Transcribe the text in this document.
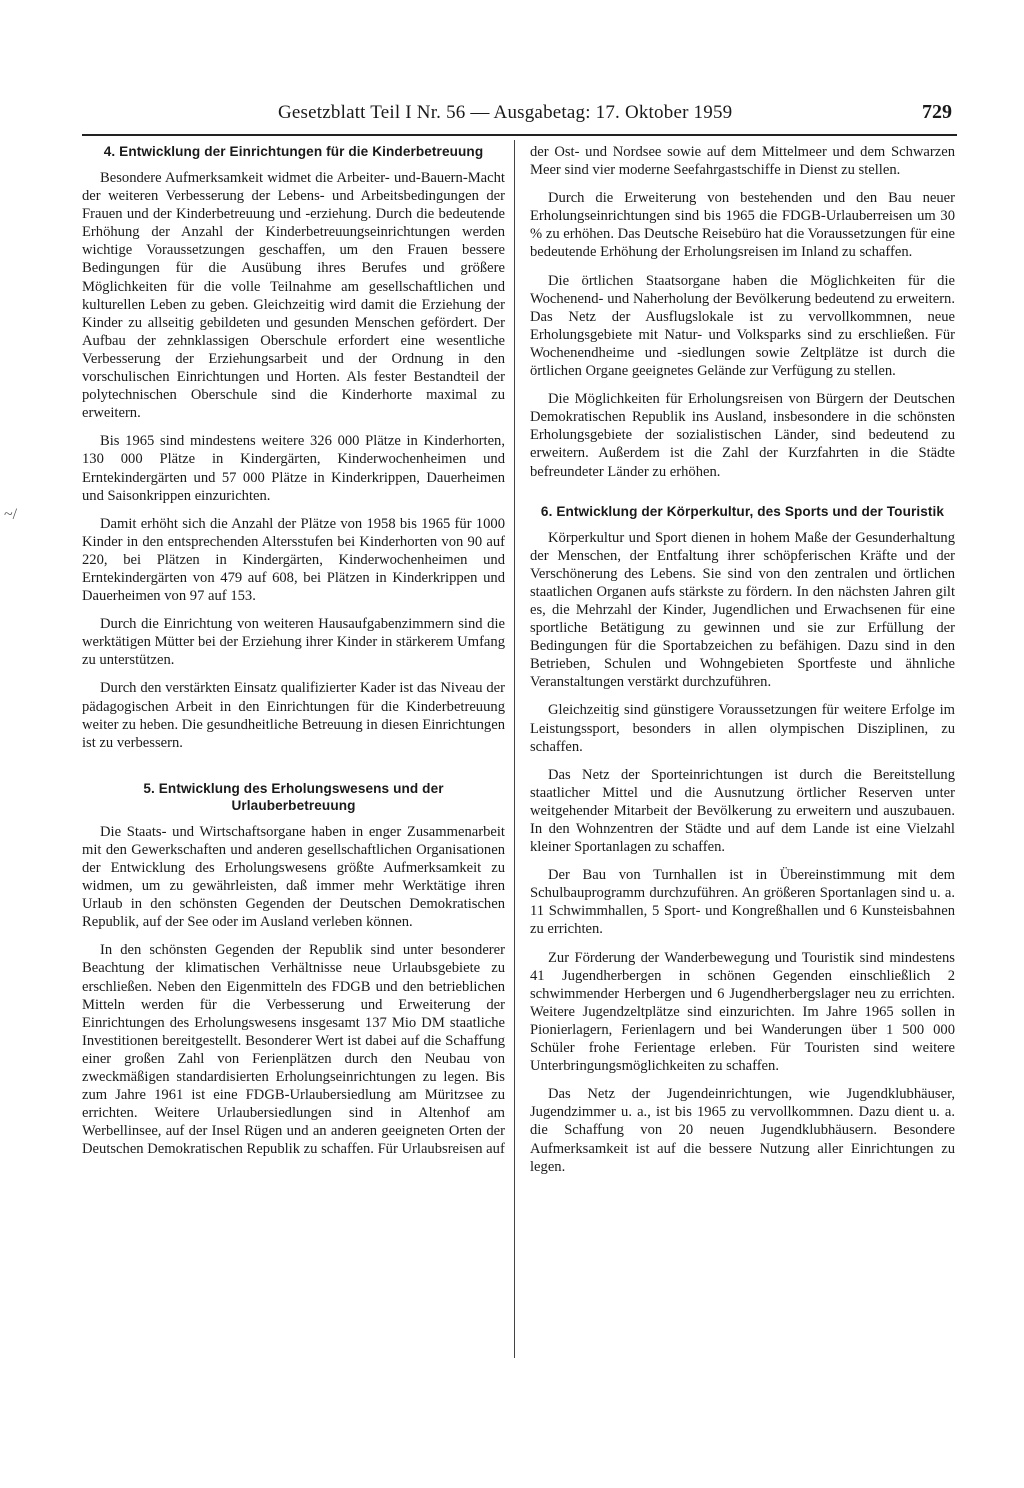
Gesetzblatt Teil I Nr. 56 — Ausgabetag: 17. Oktober 1959	729
~/
4. Entwicklung der Einrichtungen für die Kinderbetreuung

Besondere Aufmerksamkeit widmet die Arbeiter- und-Bauern-Macht der weiteren Verbesserung der Lebens- und Arbeitsbedingungen der Frauen und der Kinderbetreuung und -erziehung. Durch die bedeutende Erhöhung der Anzahl der Kinderbetreuungseinrichtungen werden wichtige Voraussetzungen geschaffen, um den Frauen bessere Bedingungen für die Ausübung ihres Berufes und größere Möglichkeiten für die volle Teilnahme am gesellschaftlichen und kulturellen Leben zu geben. Gleichzeitig wird damit die Erziehung der Kinder zu allseitig gebildeten und gesunden Menschen gefördert. Der Aufbau der zehnklassigen Oberschule erfordert eine wesentliche Verbesserung der Erziehungsarbeit und der Ordnung in den vorschulischen Einrichtungen und Horten. Als fester Bestandteil der polytechnischen Oberschule sind die Kinderhorte maximal zu erweitern.

Bis 1965 sind mindestens weitere 326 000 Plätze in Kinderhorten, 130 000 Plätze in Kindergärten, Kinderwochenheimen und Erntekindergärten und 57 000 Plätze in Kinderkrippen, Dauerheimen und Saisonkrippen einzurichten.

Damit erhöht sich die Anzahl der Plätze von 1958 bis 1965 für 1000 Kinder in den entsprechenden Altersstufen bei Kinderhorten von 90 auf 220, bei Plätzen in Kindergärten, Kinderwochenheimen und Erntekindergärten von 479 auf 608, bei Plätzen in Kinderkrippen und Dauerheimen von 97 auf 153.

Durch die Einrichtung von weiteren Hausaufgabenzimmern sind die werktätigen Mütter bei der Erziehung ihrer Kinder in stärkerem Umfang zu unterstützen.

Durch den verstärkten Einsatz qualifizierter Kader ist das Niveau der pädagogischen Arbeit in den Einrichtungen für die Kinderbetreuung weiter zu heben. Die gesundheitliche Betreuung in diesen Einrichtungen ist zu verbessern.

5. Entwicklung des Erholungswesens und der Urlauberbetreuung

Die Staats- und Wirtschaftsorgane haben in enger Zusammenarbeit mit den Gewerkschaften und anderen gesellschaftlichen Organisationen der Entwicklung des Erholungswesens größte Aufmerksamkeit zu widmen, um zu gewährleisten, daß immer mehr Werktätige ihren Urlaub in den schönsten Gegenden der Deutschen Demokratischen Republik, auf der See oder im Ausland verleben können.

In den schönsten Gegenden der Republik sind unter besonderer Beachtung der klimatischen Verhältnisse neue Urlaubsgebiete zu erschließen. Neben den Eigenmitteln des FDGB und den betrieblichen Mitteln werden für die Verbesserung und Erweiterung der Einrichtungen des Erholungswesens insgesamt 137 Mio DM staatliche Investitionen bereitgestellt. Besonderer Wert ist dabei auf die Schaffung einer großen Zahl von Ferienplätzen durch den Neubau von zweckmäßigen standardisierten Erholungseinrichtungen zu legen. Bis zum Jahre 1961 ist eine FDGB-Urlaubersiedlung am Müritzsee zu errichten. Weitere Urlaubersiedlungen sind in Altenhof am Werbellinsee, auf der Insel Rügen und an anderen geeigneten Orten der Deutschen Demokratischen Republik zu schaffen. Für Urlaubsreisen auf

der Ost- und Nordsee sowie auf dem Mittelmeer und dem Schwarzen Meer sind vier moderne Seefahrgastschiffe in Dienst zu stellen.

Durch die Erweiterung von bestehenden und den Bau neuer Erholungseinrichtungen sind bis 1965 die FDGB-Urlauberreisen um 30 % zu erhöhen. Das Deutsche Reisebüro hat die Voraussetzungen für eine bedeutende Erhöhung der Erholungsreisen im Inland zu schaffen.

Die örtlichen Staatsorgane haben die Möglichkeiten für die Wochenend- und Naherholung der Bevölkerung bedeutend zu erweitern. Das Netz der Ausflugslokale ist zu vervollkommnen, neue Erholungsgebiete mit Natur- und Volksparks sind zu erschließen. Für Wochenendheime und -siedlungen sowie Zeltplätze ist durch die örtlichen Organe geeignetes Gelände zur Verfügung zu stellen.

Die Möglichkeiten für Erholungsreisen von Bürgern der Deutschen Demokratischen Republik ins Ausland, insbesondere in die schönsten Erholungsgebiete der sozialistischen Länder, sind bedeutend zu erweitern. Außerdem ist die Zahl der Kurzfahrten in die Städte befreundeter Länder zu erhöhen.

6. Entwicklung der Körperkultur, des Sports und der Touristik

Körperkultur und Sport dienen in hohem Maße der Gesunderhaltung der Menschen, der Entfaltung ihrer schöpferischen Kräfte und der Verschönerung des Lebens. Sie sind von den zentralen und örtlichen staatlichen Organen aufs stärkste zu fördern. In den nächsten Jahren gilt es, die Mehrzahl der Kinder, Jugendlichen und Erwachsenen für eine sportliche Betätigung zu gewinnen und sie zur Erfüllung der Bedingungen für die Sportabzeichen zu befähigen. Dazu sind in den Betrieben, Schulen und Wohngebieten Sportfeste und ähnliche Veranstaltungen verstärkt durchzuführen.

Gleichzeitig sind günstigere Voraussetzungen für weitere Erfolge im Leistungssport, besonders in allen olympischen Disziplinen, zu schaffen.

Das Netz der Sporteinrichtungen ist durch die Bereitstellung staatlicher Mittel und die Ausnutzung örtlicher Reserven unter weitgehender Mitarbeit der Bevölkerung zu erweitern und auszubauen. In den Wohnzentren der Städte und auf dem Lande ist eine Vielzahl kleiner Sportanlagen zu schaffen.

Der Bau von Turnhallen ist in Übereinstimmung mit dem Schulbauprogramm durchzuführen. An größeren Sportanlagen sind u. a. 11 Schwimmhallen, 5 Sport- und Kongreßhallen und 6 Kunsteisbahnen zu errichten.

Zur Förderung der Wanderbewegung und Touristik sind mindestens 41 Jugendherbergen in schönen Gegenden einschließlich 2 schwimmender Herbergen und 6 Jugendherbergslager neu zu errichten. Weitere Jugendzeltplätze sind einzurichten. Im Jahre 1965 sollen in Pionierlagern, Ferienlagern und bei Wanderungen über 1 500 000 Schüler frohe Ferientage erleben. Für Touristen sind weitere Unterbringungsmöglichkeiten zu schaffen.

Das Netz der Jugendeinrichtungen, wie Jugendklubhäuser, Jugendzimmer u. a., ist bis 1965 zu vervollkommnen. Dazu dient u. a. die Schaffung von 20 neuen Jugendklubhäusern. Besondere Aufmerksamkeit ist auf die bessere Nutzung aller Einrichtungen zu legen.
